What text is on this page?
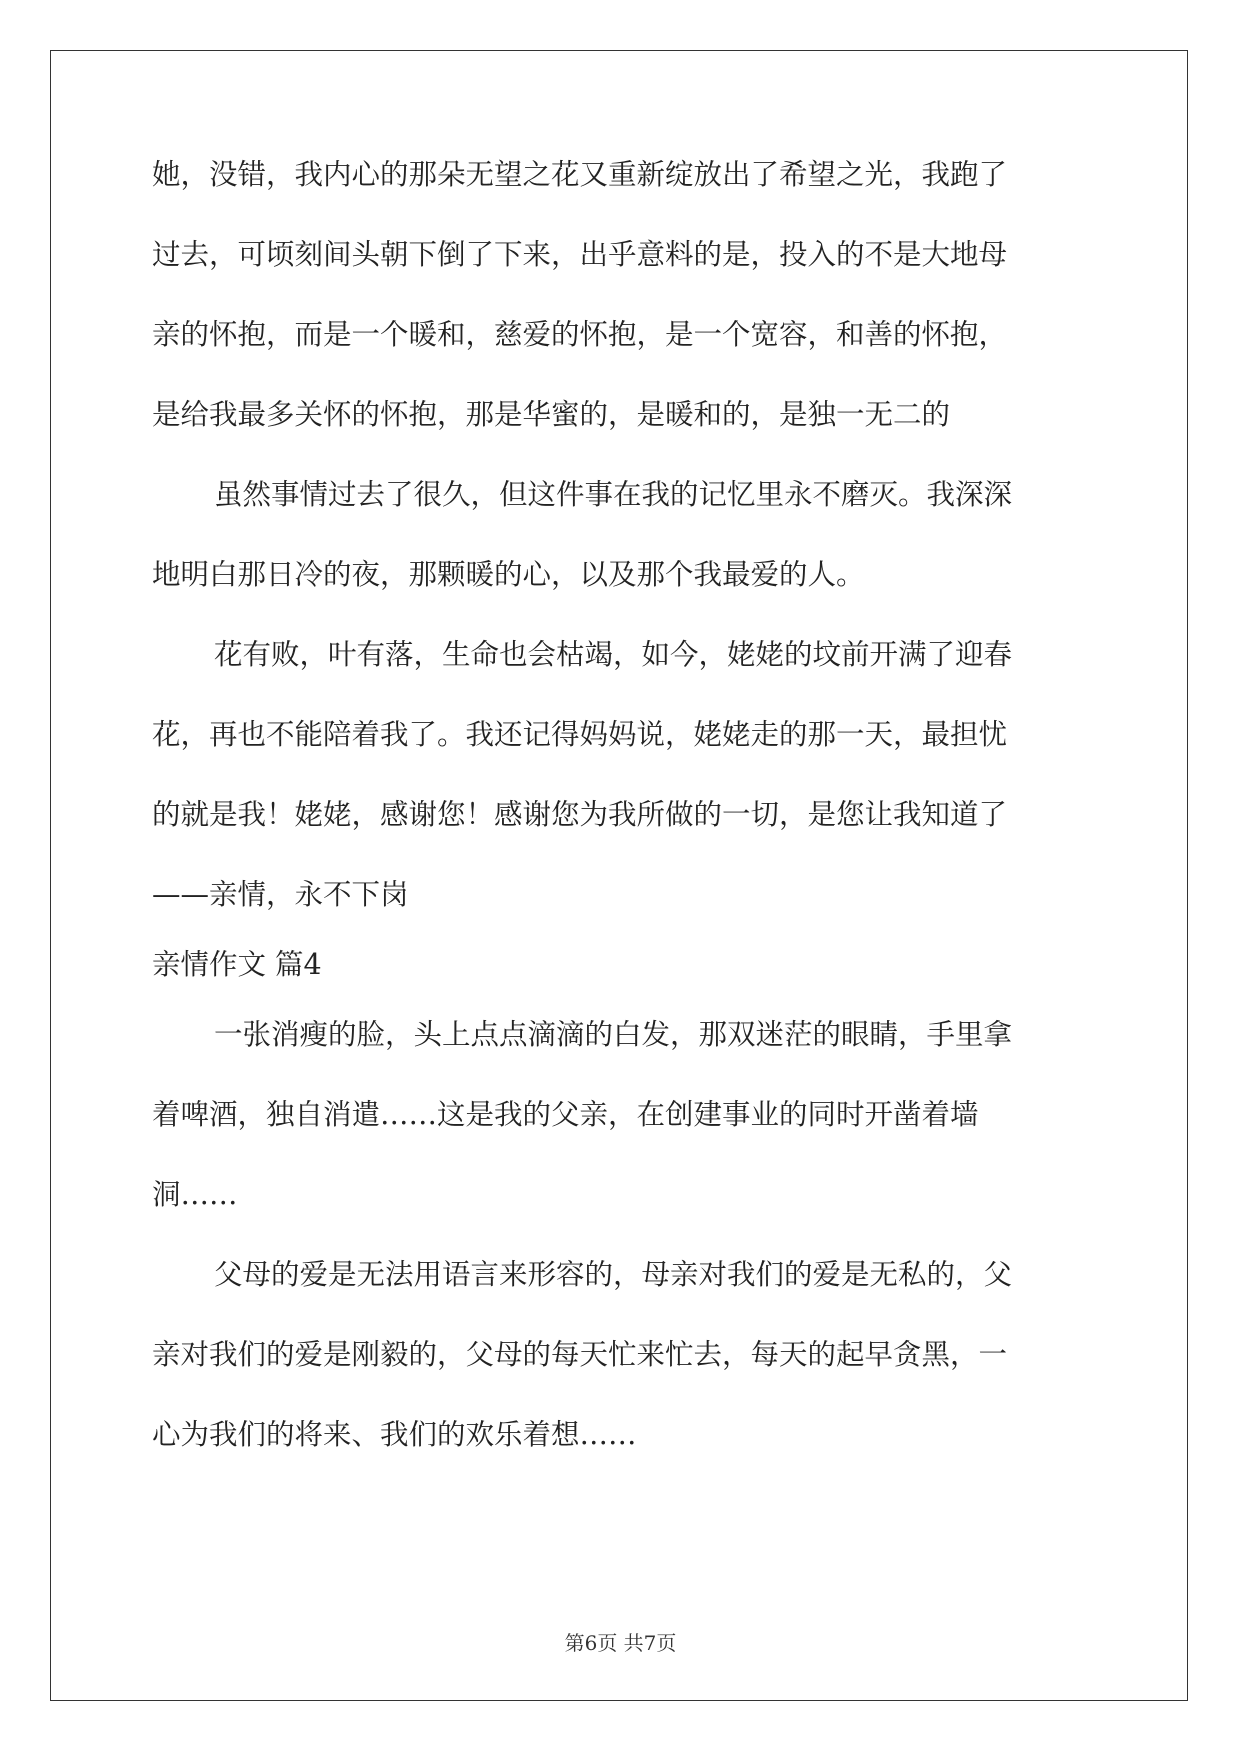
她，没错，我内心的那朵无望之花又重新绽放出了希望之光，我跑了
过去，可顷刻间头朝下倒了下来，出乎意料的是，投入的不是大地母
亲的怀抱，而是一个暖和，慈爱的怀抱，是一个宽容，和善的怀抱，
是给我最多关怀的怀抱，那是华蜜的，是暖和的，是独一无二的
虽然事情过去了很久，但这件事在我的记忆里永不磨灭。我深深
地明白那日冷的夜，那颗暖的心，以及那个我最爱的人。
花有败，叶有落，生命也会枯竭，如今，姥姥的坟前开满了迎春
花，再也不能陪着我了。我还记得妈妈说，姥姥走的那一天，最担忧
的就是我！姥姥，感谢您！感谢您为我所做的一切，是您让我知道了
——亲情，永不下岗
亲情作文 篇4
一张消瘦的脸，头上点点滴滴的白发，那双迷茫的眼睛，手里拿
着啤酒，独自消遣……这是我的父亲，在创建事业的同时开凿着墙
洞……
父母的爱是无法用语言来形容的，母亲对我们的爱是无私的，父
亲对我们的爱是刚毅的，父母的每天忙来忙去，每天的起早贪黑，一
心为我们的将来、我们的欢乐着想……
第6页 共7页
